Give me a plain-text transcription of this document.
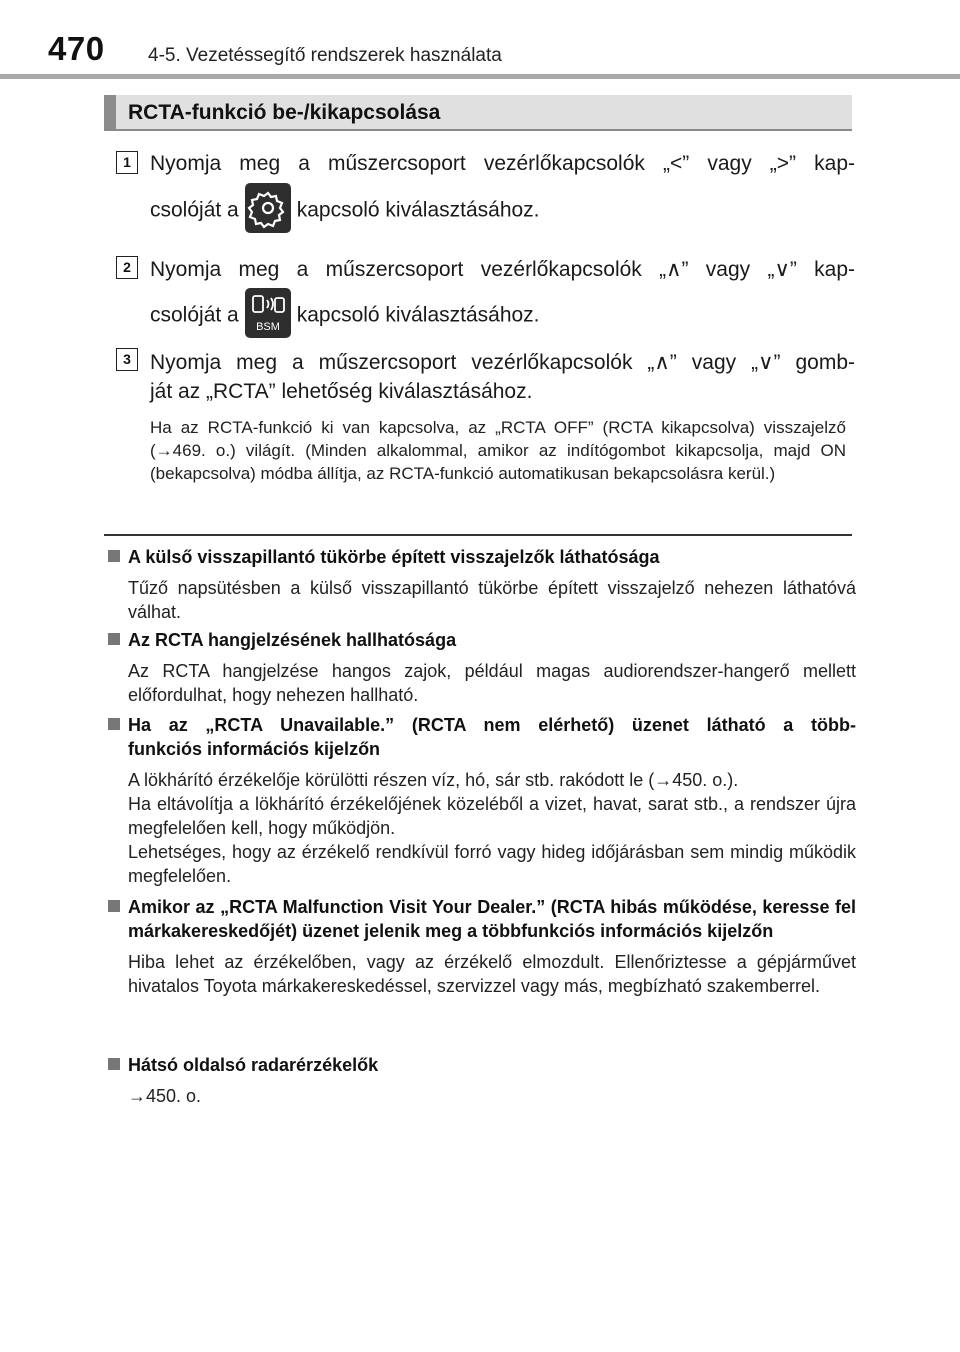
470 4-5. Vezetéssegítő rendszerek használata
RCTA-funkció be-/kikapcsolása
1 Nyomja meg a műszercsoport vezérlőkapcsolók „<” vagy „>” kap-
csolóját a	kapcsoló kiválasztásához.
2 Nyomja meg a műszercsoport vezérlőkapcsolók „∧” vagy „∨” kap-
csolóját a
BSM
kapcsoló kiválasztásához.
3 Nyomja meg a műszercsoport vezérlőkapcsolók „∧” vagy „∨” gomb-
ját az „RCTA” lehetőség kiválasztásához.
Ha az RCTA-funkció ki van kapcsolva, az „RCTA OFF” (RCTA kikapcsolva) visszajelző (→469. o.) világít. (Minden alkalommal, amikor az indítógombot kikapcsolja, majd ON (bekapcsolva) módba állítja, az RCTA-funkció automatikusan bekapcsolásra kerül.)
A külső visszapillantó tükörbe épített visszajelzők láthatósága
Tűző napsütésben a külső visszapillantó tükörbe épített visszajelző nehezen láthatóvá válhat.
Az RCTA hangjelzésének hallhatósága
Az RCTA hangjelzése hangos zajok, például magas audiorendszer-hangerő mellett előfordulhat, hogy nehezen hallható.
Ha az „RCTA Unavailable.” (RCTA nem elérhető) üzenet látható a több-
funkciós információs kijelzőn
A lökhárító érzékelője körülötti részen víz, hó, sár stb. rakódott le (→450. o.).
Ha eltávolítja a lökhárító érzékelőjének közeléből a vizet, havat, sarat stb., a rendszer újra megfelelően kell, hogy működjön.
Lehetséges, hogy az érzékelő rendkívül forró vagy hideg időjárásban sem mindig működik megfelelően.
Amikor az „RCTA Malfunction Visit Your Dealer.” (RCTA hibás működése, keresse fel márkakereskedőjét) üzenet jelenik meg a többfunkciós információs kijelzőn
Hiba lehet az érzékelőben, vagy az érzékelő elmozdult. Ellenőriztesse a gépjárművet hivatalos Toyota márkakereskedéssel, szervizzel vagy más, megbízható szakemberrel.
Hátsó oldalsó radarérzékelők
→450. o.
